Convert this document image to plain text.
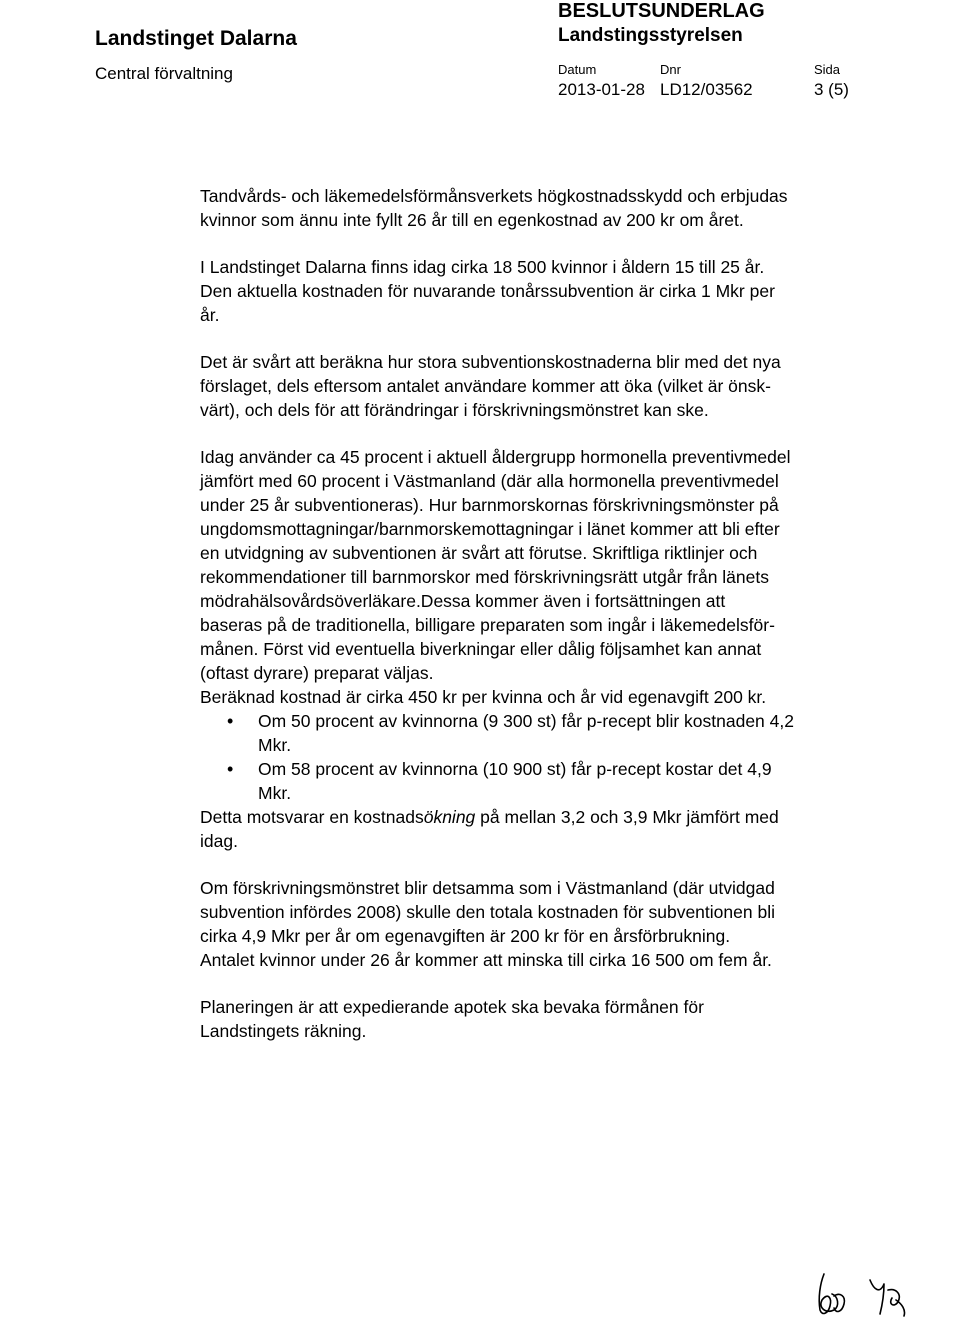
Landstinget Dalarna
Central förvaltning
BESLUTSUNDERLAG
Landstingsstyrelsen
Datum
2013-01-28
Dnr
LD12/03562
Sida
3 (5)

Tandvårds- och läkemedelsförmånsverkets högkostnadsskydd och erbjudas
kvinnor som ännu inte fyllt 26 år till en egenkostnad av 200 kr om året.

I Landstinget Dalarna finns idag cirka 18 500 kvinnor i åldern 15 till 25 år.
Den aktuella kostnaden för nuvarande tonårssubvention är cirka 1 Mkr per
år.

Det är svårt att beräkna hur stora subventionskostnaderna blir med det nya
förslaget, dels eftersom antalet användare kommer att öka (vilket är önsk-
värt), och dels för att förändringar i förskrivningsmönstret kan ske.

Idag använder ca 45 procent i aktuell åldergrupp hormonella preventivmedel
jämfört med 60 procent i Västmanland (där alla hormonella preventivmedel
under 25 år subventioneras). Hur barnmorskornas förskrivningsmönster på
ungdomsmottagningar/barnmorskemottagningar i länet kommer att bli efter
en utvidgning av subventionen är svårt att förutse. Skriftliga riktlinjer och
rekommendationer till barnmorskor med förskrivningsrätt utgår från länets
mödrahälsovårdsöverläkare.Dessa kommer även i fortsättningen att
baseras på de traditionella, billigare preparaten som ingår i läkemedelsför-
månen. Först vid eventuella biverkningar eller dålig följsamhet kan annat
(oftast dyrare) preparat väljas.
Beräknad kostnad är cirka 450 kr per kvinna och år vid egenavgift 200 kr.

• Om 50 procent av kvinnorna (9 300 st) får p-recept blir kostnaden 4,2
Mkr.
• Om 58 procent av kvinnorna (10 900 st) får p-recept kostar det 4,9
Mkr.

Detta motsvarar en kostnadsökning på mellan 3,2 och 3,9 Mkr jämfört med
idag.

Om förskrivningsmönstret blir detsamma som i Västmanland (där utvidgad
subvention infördes 2008) skulle den totala kostnaden för subventionen bli
cirka 4,9 Mkr per år om egenavgiften är 200 kr för en årsförbrukning.
Antalet kvinnor under 26 år kommer att minska till cirka 16 500 om fem år.

Planeringen är att expedierande apotek ska bevaka förmånen för
Landstingets räkning.
